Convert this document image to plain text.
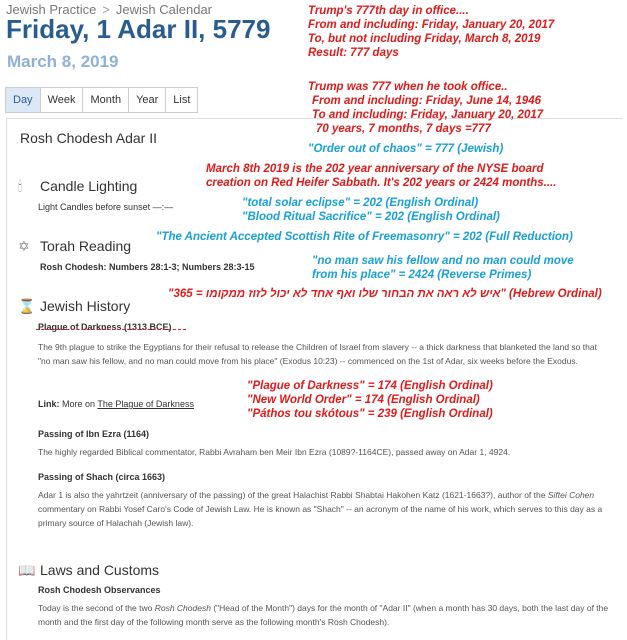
Jewish Practice > Jewish Calendar
Friday, 1 Adar II, 5779
March 8, 2019
Day	Week	Month	Year	List
Rosh Chodesh Adar II
🕯 Candle Lighting
Light Candles before sunset —:—
✡ Torah Reading
Rosh Chodesh: Numbers 28:1-3; Numbers 28:3-15
⌛ Jewish History
Plague of Darkness (1313 BCE)
The 9th plague to strike the Egyptians for their refusal to release the Children of Israel from slavery -- a thick darkness that blanketed the land so that "no man saw his fellow, and no man could move from his place" (Exodus 10:23) -- commenced on the 1st of Adar, six weeks before the Exodus.
Link: More on The Plague of Darkness
Passing of Ibn Ezra (1164)
The highly regarded Biblical commentator, Rabbi Avraham ben Meir Ibn Ezra (1089?-1164CE), passed away on Adar 1, 4924.
Passing of Shach (circa 1663)
Adar 1 is also the yahrtzeit (anniversary of the passing) of the great Halachist Rabbi Shabtai Hakohen Katz (1621-1663?), author of the Siftei Cohen commentary on Rabbi Yosef Caro's Code of Jewish Law. He is known as "Shach" -- an acronym of the name of his work, which serves to this day as a primary source of Halachah (Jewish law).
📖 Laws and Customs
Rosh Chodesh Observances
Today is the second of the two Rosh Chodesh ("Head of the Month") days for the month of "Adar II" (when a month has 30 days, both the last day of the month and the first day of the following month serve as the following month's Rosh Chodesh).
Trump's 777th day in office....
From and including: Friday, January 20, 2017
To, but not including Friday, March 8, 2019
Result: 777 days
Trump was 777 when he took office..
From and including: Friday, June 14, 1946
To and including: Friday, January 20, 2017
70 years, 7 months, 7 days =777
"Order out of chaos" = 777 (Jewish)
March 8th 2019 is the 202 year anniversary of the NYSE board
creation on Red Heifer Sabbath. It's 202 years or 2424 months....
"total solar eclipse" = 202 (English Ordinal)
"Blood Ritual Sacrifice" = 202 (English Ordinal)
"The Ancient Accepted Scottish Rite of Freemasonry" = 202 (Full Reduction)
"no man saw his fellow and no man could move
from his place" = 2424 (Reverse Primes)
"365 = איש לא ראה את הבחור שלו ואף אחד לא יכול לזוז ממקומו" (Hebrew Ordinal)
"Plague of Darkness" = 174 (English Ordinal)
"New World Order" = 174 (English Ordinal)
"Páthos tou skótous" = 239 (English Ordinal)
